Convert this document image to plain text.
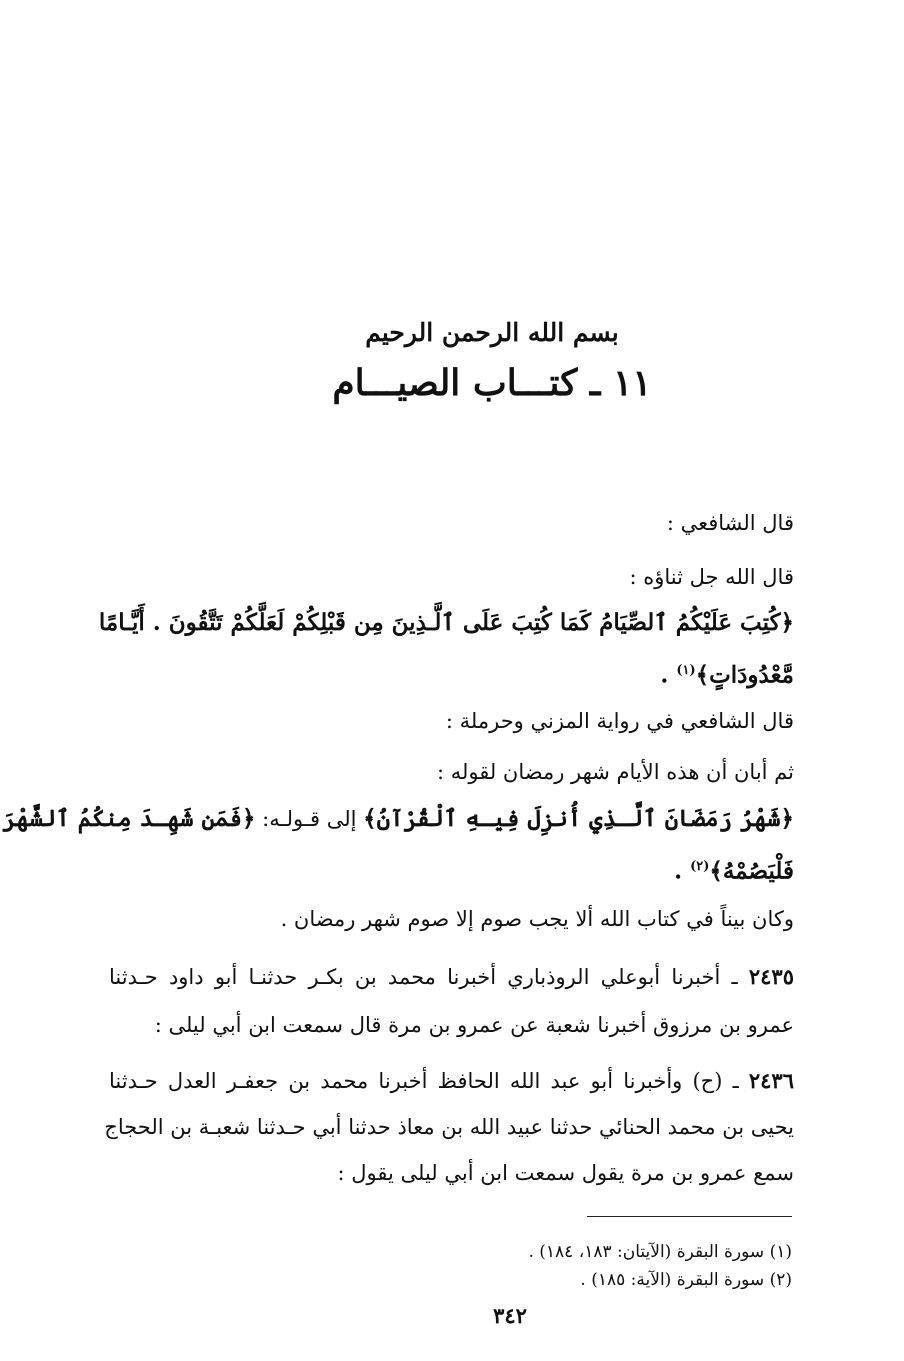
بسم الله الرحمن الرحيم
١١ ـ كتـــاب الصيـــام
قال الشافعي :
قال الله جل ثناؤه :
﴿كُتِبَ عَلَيْكُمُ ٱلصِّيَامُ كَمَا كُتِبَ عَلَى ٱلَّـذِينَ مِن قَبْلِكُمْ لَعَلَّكُمْ تَتَّقُونَ . أَيَّـامًا
مَّعْدُودَاتٍ﴾$^{(١)}$ .
قال الشافعي في رواية المزني وحرملة :
ثم أبان أن هذه الأيام شهر رمضان لقوله :
﴿شَهْرُ رَمَضَانَ ٱلَّـذِي أُنزِلَ فِيـهِ ٱلْقُرْآنُ﴾ إلى قـولـه: ﴿فَمَن شَهِـدَ مِنكُمُ ٱلشَّهْرَ
فَلْيَصُمْهُ﴾$^{(٢)}$ .
وكان بيناً في كتاب الله ألا يجب صوم إلا صوم شهر رمضان .
٢٤٣٥ ـ أخبرنا أبوعلي الروذباري أخبرنا محمد بن بكـر حدثنـا أبو داود حـدثنا
عمرو بن مرزوق أخبرنا شعبة عن عمرو بن مرة قال سمعت ابن أبي ليلى :
٢٤٣٦ ـ (ح) وأخبرنا أبو عبد الله الحافظ أخبرنا محمد بن جعفـر العدل حـدثنا
يحيى بن محمد الحنائي حدثنا عبيد الله بن معاذ حدثنا أبي حـدثنا شعبـة بن الحجاج
سمع عمرو بن مرة يقول سمعت ابن أبي ليلى يقول :
(١) سورة البقرة (الآيتان: ١٨٣، ١٨٤) .
(٢) سورة البقرة (الآية: ١٨٥) .
٣٤٢
